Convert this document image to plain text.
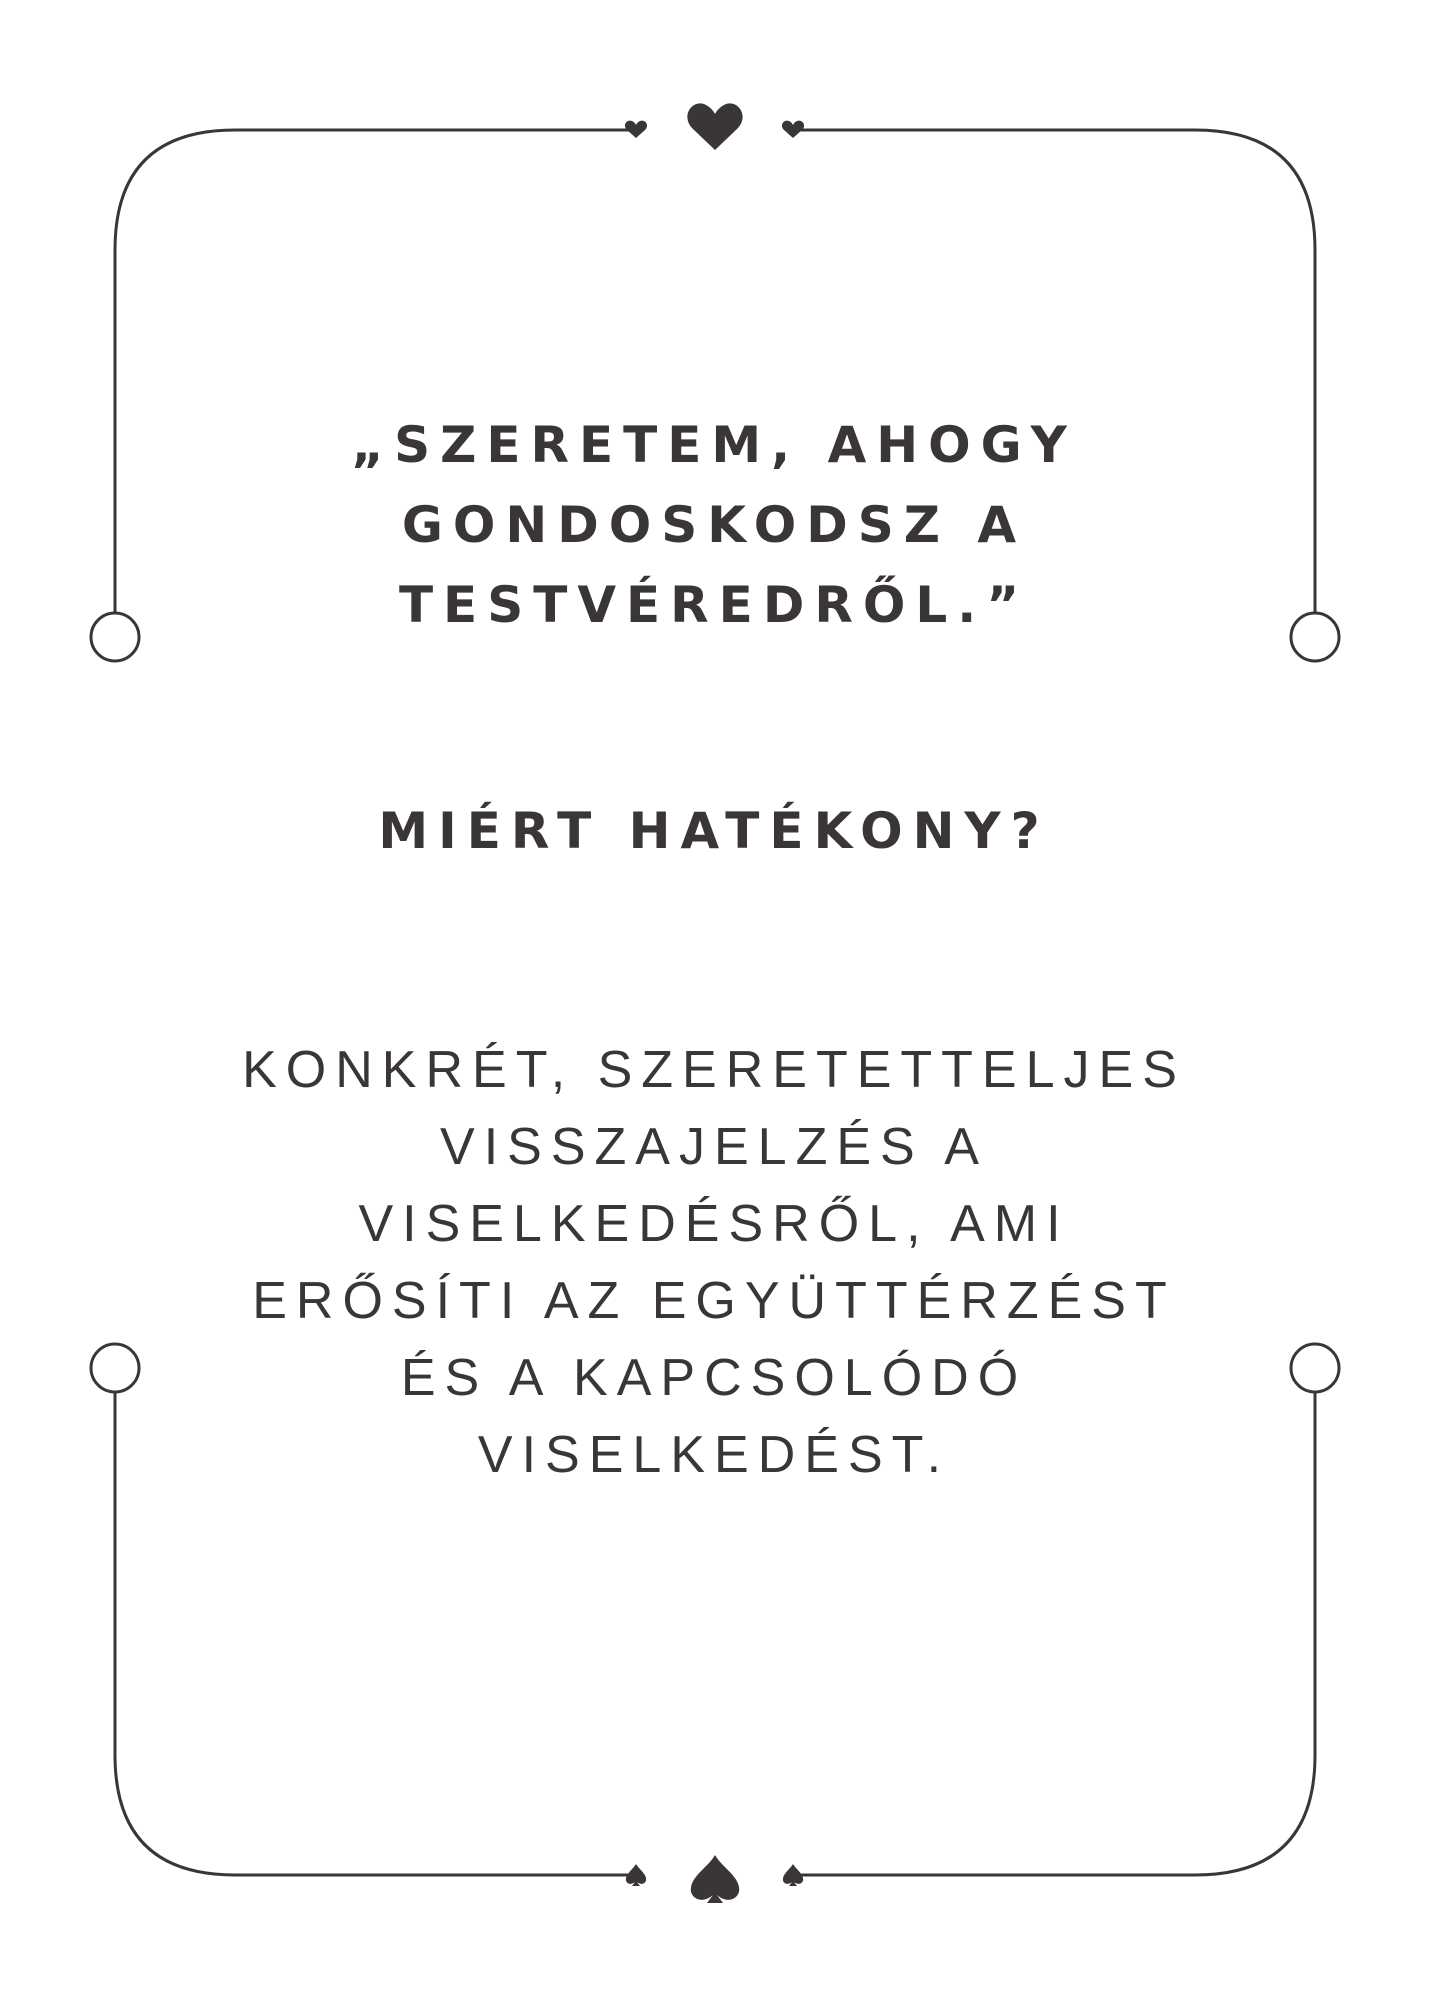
„SZERETEM, AHOGY
GONDOSKODSZ A
TESTVÉREDRŐL.”
MIÉRT HATÉKONY?

KONKRÉT, SZERETETTELJES
VISSZAJELZÉS A
VISELKEDÉSRŐL, AMI
ERŐSÍTI AZ EGYÜTTÉRZÉST
ÉS A KAPCSOLÓDÓ
VISELKEDÉST.
